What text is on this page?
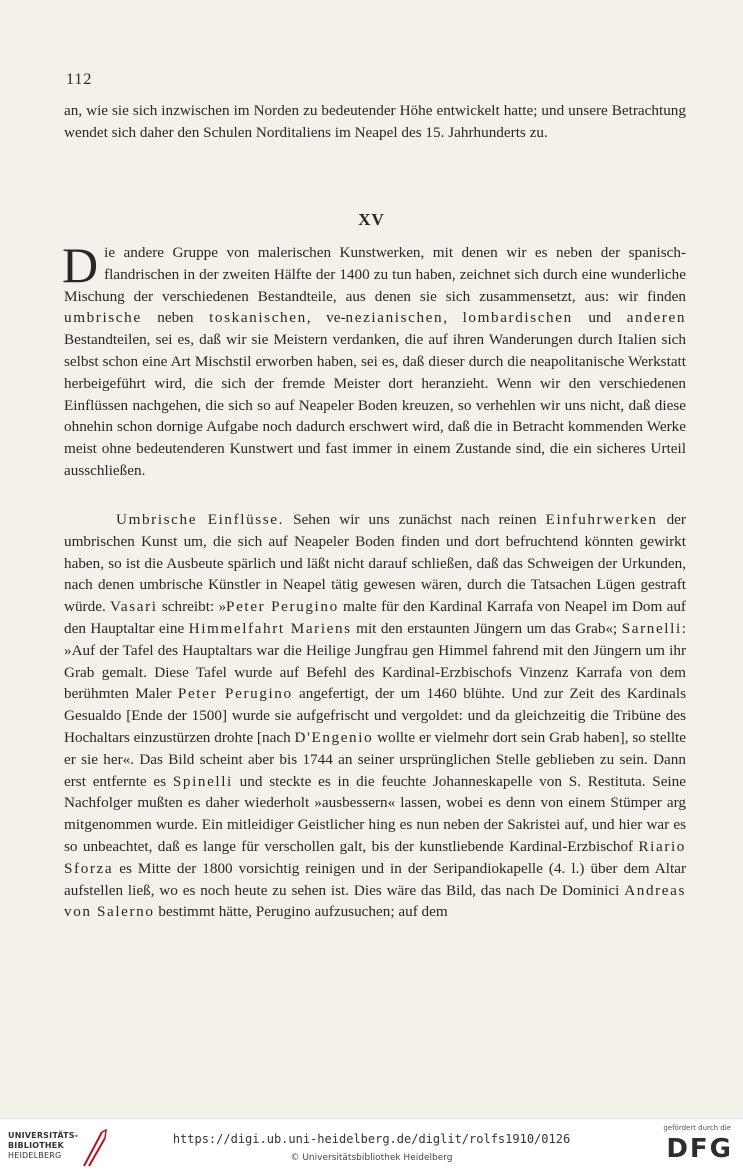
112

an, wie sie sich inzwischen im Norden zu bedeutender Höhe entwickelt hatte; und unsere Betrachtung wendet sich daher den Schulen Norditaliens im Neapel des 15. Jahrhunderts zu.

XV

Die andere Gruppe von malerischen Kunstwerken, mit denen wir es neben der spanisch-flandrischen in der zweiten Hälfte der 1400 zu tun haben, zeichnet sich durch eine wunderliche Mischung der verschiedenen Bestandteile, aus denen sie sich zusammensetzt, aus: wir finden umbrische neben toskanischen, ve-nezianischen, lombardischen und anderen Bestandteilen, sei es, daß wir sie Meistern verdanken, die auf ihren Wanderungen durch Italien sich selbst schon eine Art Mischstil erworben haben, sei es, daß dieser durch die neapolitanische Werkstatt herbeigeführt wird, die sich der fremde Meister dort heranzieht. Wenn wir den verschiedenen Einflüssen nachgehen, die sich so auf Neapeler Boden kreuzen, so verhehlen wir uns nicht, daß diese ohnehin schon dornige Aufgabe noch dadurch erschwert wird, daß die in Betracht kommenden Werke meist ohne bedeutenderen Kunstwert und fast immer in einem Zustande sind, die ein sicheres Urteil ausschließen.

Umbrische Einflüsse. Sehen wir uns zunächst nach reinen Einfuhrwerken der umbrischen Kunst um, die sich auf Neapeler Boden finden und dort befruchtend könnten gewirkt haben, so ist die Ausbeute spärlich und läßt nicht darauf schließen, daß das Schweigen der Urkunden, nach denen umbrische Künstler in Neapel tätig gewesen wären, durch die Tatsachen Lügen gestraft würde. Vasari schreibt: »Peter Perugino malte für den Kardinal Karrafa von Neapel im Dom auf den Hauptaltar eine Himmelfahrt Mariens mit den erstaunten Jüngern um das Grab«; Sarnelli: »Auf der Tafel des Hauptaltars war die Heilige Jungfrau gen Himmel fahrend mit den Jüngern um ihr Grab gemalt. Diese Tafel wurde auf Befehl des Kardinal-Erzbischofs Vinzenz Karrafa von dem berühmten Maler Peter Perugino angefertigt, der um 1460 blühte. Und zur Zeit des Kardinals Gesualdo [Ende der 1500] wurde sie aufgefrischt und vergoldet: und da gleichzeitig die Tribüne des Hochaltars einzustürzen drohte [nach D'Engenio wollte er vielmehr dort sein Grab haben], so stellte er sie her«. Das Bild scheint aber bis 1744 an seiner ursprünglichen Stelle geblieben zu sein. Dann erst entfernte es Spinelli und steckte es in die feuchte Johanneskapelle von S. Restituta. Seine Nachfolger mußten es daher wiederholt »ausbessern« lassen, wobei es denn von einem Stümper arg mitgenommen wurde. Ein mitleidiger Geistlicher hing es nun neben der Sakristei auf, und hier war es so unbeachtet, daß es lange für verschollen galt, bis der kunstliebende Kardinal-Erzbischof Riario Sforza es Mitte der 1800 vorsichtig reinigen und in der Seripandiokapelle (4. l.) über dem Altar aufstellen ließ, wo es noch heute zu sehen ist. Dies wäre das Bild, das nach De Dominici Andreas von Salerno bestimmt hätte, Perugino aufzusuchen; auf dem

UNIVERSITÄTS-
BIBLIOTHEK
HEIDELBERG
https://digi.ub.uni-heidelberg.de/diglit/rolfs1910/0126
© Universitätsbibliothek Heidelberg
gefördert durch die
DFG
